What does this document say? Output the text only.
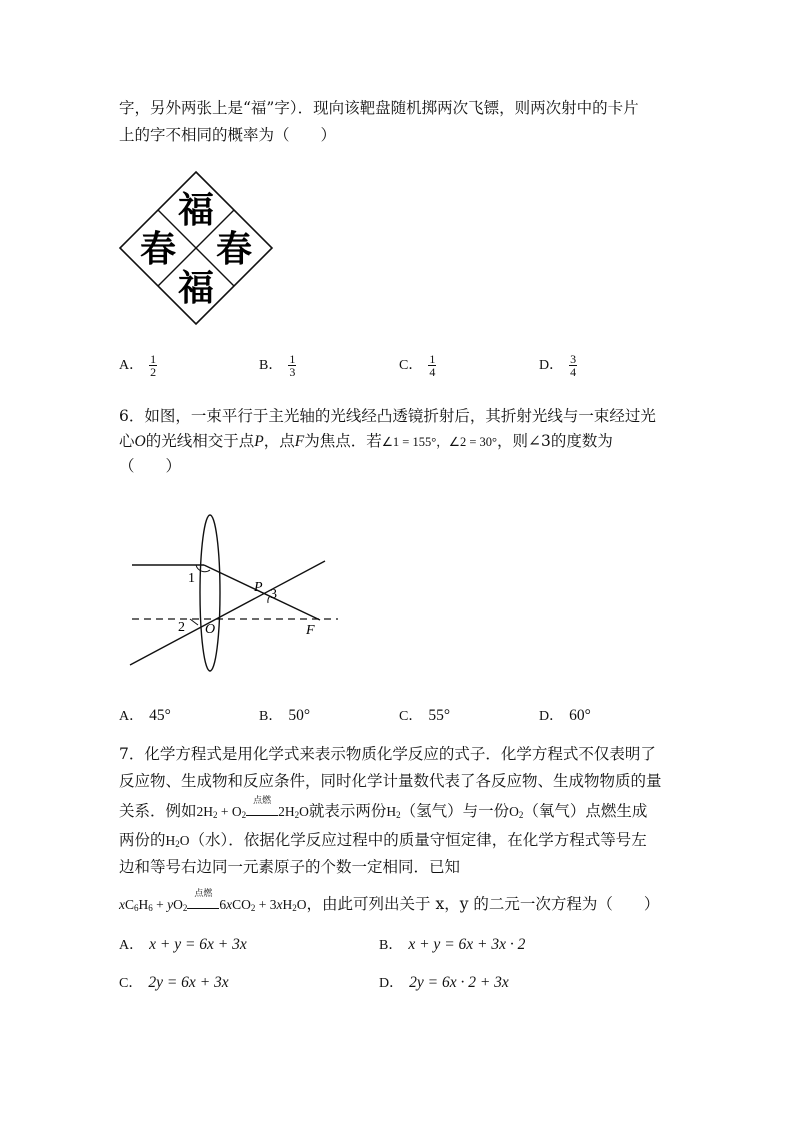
字，另外两张上是“福”字）．现向该靶盘随机掷两次飞镖，则两次射中的卡片
上的字不相同的概率为（　　）
福
春 春
福
A． $\frac{1}{2}$	B． $\frac{1}{3}$	C． $\frac{1}{4}$	D． $\frac{3}{4}$
6．如图，一束平行于主光轴的光线经凸透镜折射后，其折射光线与一束经过光
心O的光线相交于点P，点F为焦点．若∠1 = 155°，∠2 = 30°，则∠3的度数为
（　　）
1
2
3
P
O	F
A． 45°	B． 50°	C． 55°	D． 60°
7．化学方程式是用化学式来表示物质化学反应的式子．化学方程式不仅表明了
反应物、生成物和反应条件，同时化学计量数代表了各反应物、生成物物质的量
关系．例如$2H_2 + O_2$
点燃
$2H_2O$就表示两份$H_2$（氢气）与一份$O_2$（氧气）点燃生成
两份的$H_2O$（水）．依据化学反应过程中的质量守恒定律，在化学方程式等号左
边和等号右边同一元素原子的个数一定相同．已知
$xC_6H_6 + yO_2$
点燃
$6xCO_2 + 3xH_2O$，由此可列出关于 x，y 的二元一次方程为（　　）
A． x + y = 6x + 3x	B． x + y = 6x + 3x · 2
C． 2y = 6x + 3x	D． 2y = 6x · 2 + 3x
